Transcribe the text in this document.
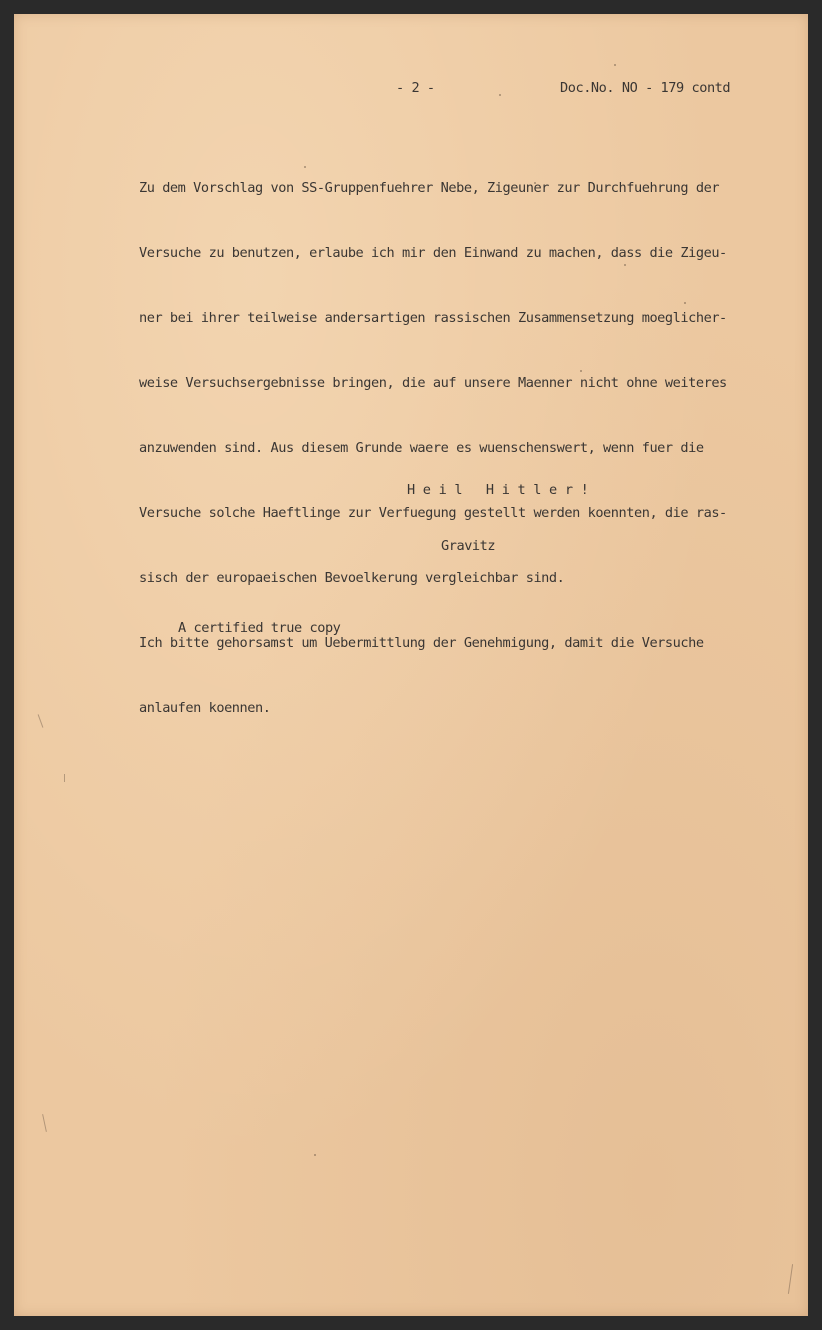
- 2 -	Doc.No. NO - 179 contd

Zu dem Vorschlag von SS-Gruppenfuehrer Nebe, Zigeuner zur Durchfuehrung der

Versuche zu benutzen, erlaube ich mir den Einwand zu machen, dass die Zigeu-

ner bei ihrer teilweise andersartigen rassischen Zusammensetzung moeglicher-

weise Versuchsergebnisse bringen, die auf unsere Maenner nicht ohne weiteres

anzuwenden sind. Aus diesem Grunde waere es wuenschenswert, wenn fuer die

Versuche solche Haeftlinge zur Verfuegung gestellt werden koennten, die ras-

sisch der europaeischen Bevoelkerung vergleichbar sind.

Ich bitte gehorsamst um Uebermittlung der Genehmigung, damit die Versuche

anlaufen koennen.

Heil Hitler!

Gravitz

A certified true copy
